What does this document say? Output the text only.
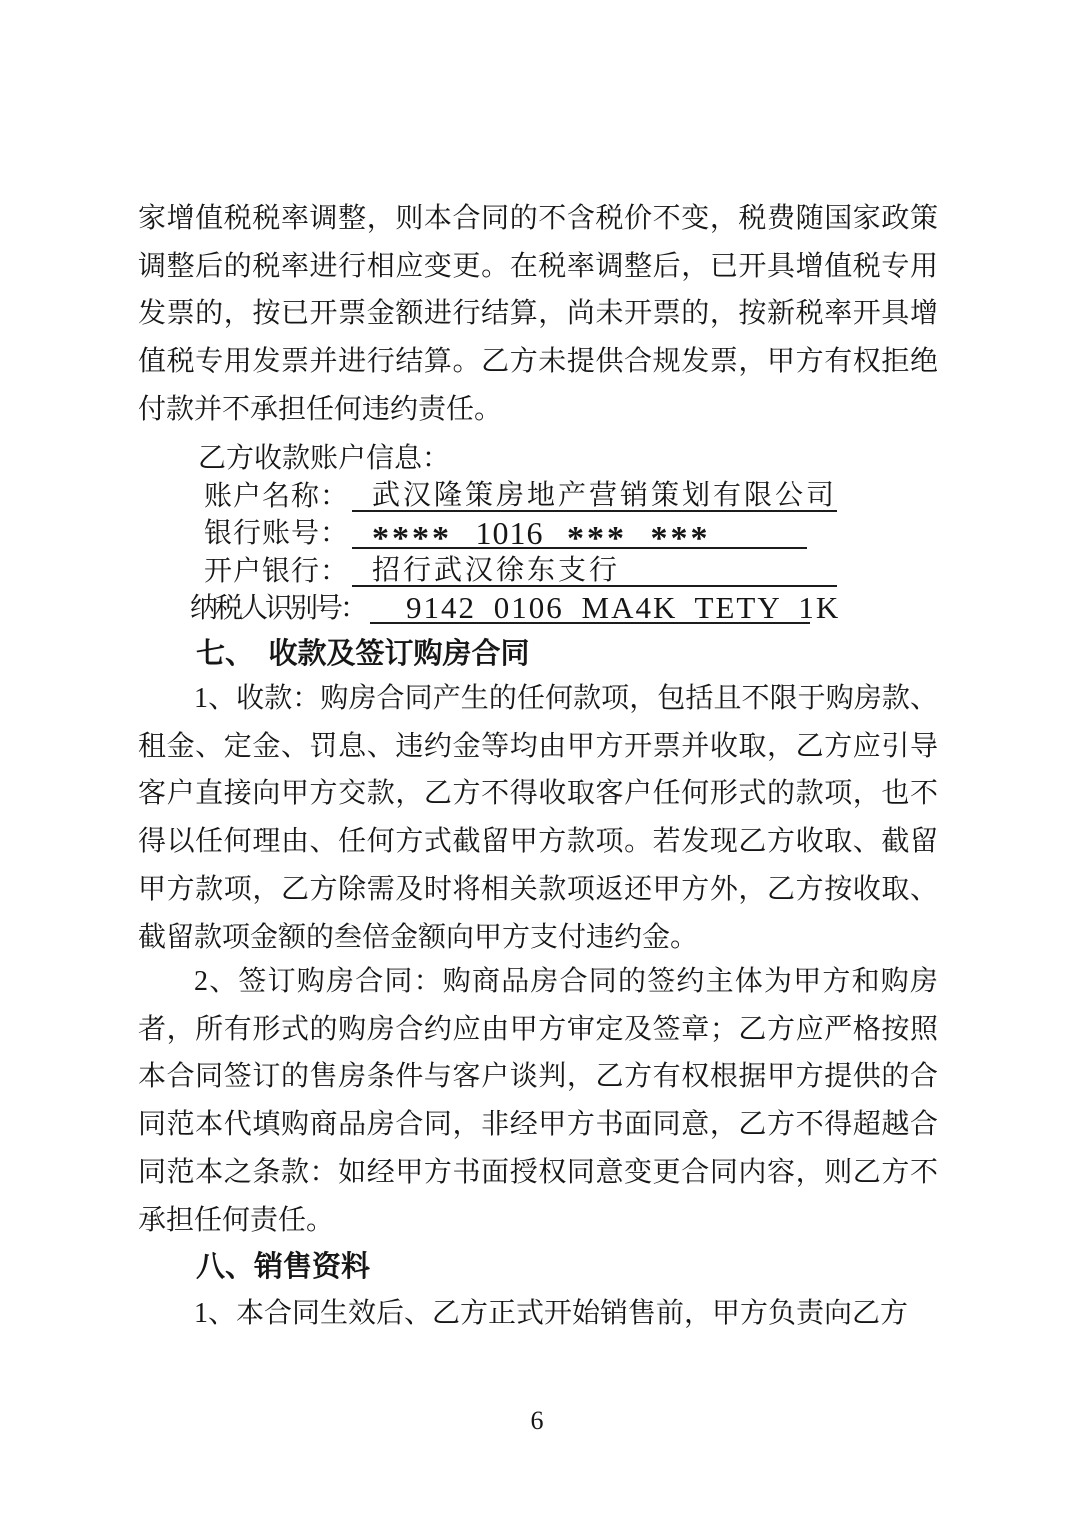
家增值税税率调整，则本合同的不含税价不变，税费随国家政策调整后的税率进行相应变更。在税率调整后，已开具增值税专用发票的，按已开票金额进行结算，尚未开票的，按新税率开具增值税专用发票并进行结算。乙方未提供合规发票，甲方有权拒绝付款并不承担任何违约责任。

乙方收款账户信息：
账户名称： 武汉隆策房地产营销策划有限公司
银行账号： **** 1016 *** ***
开户银行： 招行武汉徐东支行
纳税人识别号：	9142 0106 MA4K TETY 1K
七、　收款及签订购房合同

1、收款：购房合同产生的任何款项，包括且不限于购房款、租金、定金、罚息、违约金等均由甲方开票并收取，乙方应引导客户直接向甲方交款，乙方不得收取客户任何形式的款项，也不得以任何理由、任何方式截留甲方款项。若发现乙方收取、截留甲方款项，乙方除需及时将相关款项返还甲方外，乙方按收取、截留款项金额的叁倍金额向甲方支付违约金。

2、签订购房合同：购商品房合同的签约主体为甲方和购房者，所有形式的购房合约应由甲方审定及签章；乙方应严格按照本合同签订的售房条件与客户谈判，乙方有权根据甲方提供的合同范本代填购商品房合同，非经甲方书面同意，乙方不得超越合同范本之条款：如经甲方书面授权同意变更合同内容，则乙方不承担任何责任。

八、销售资料

1、本合同生效后、乙方正式开始销售前，甲方负责向乙方

6
